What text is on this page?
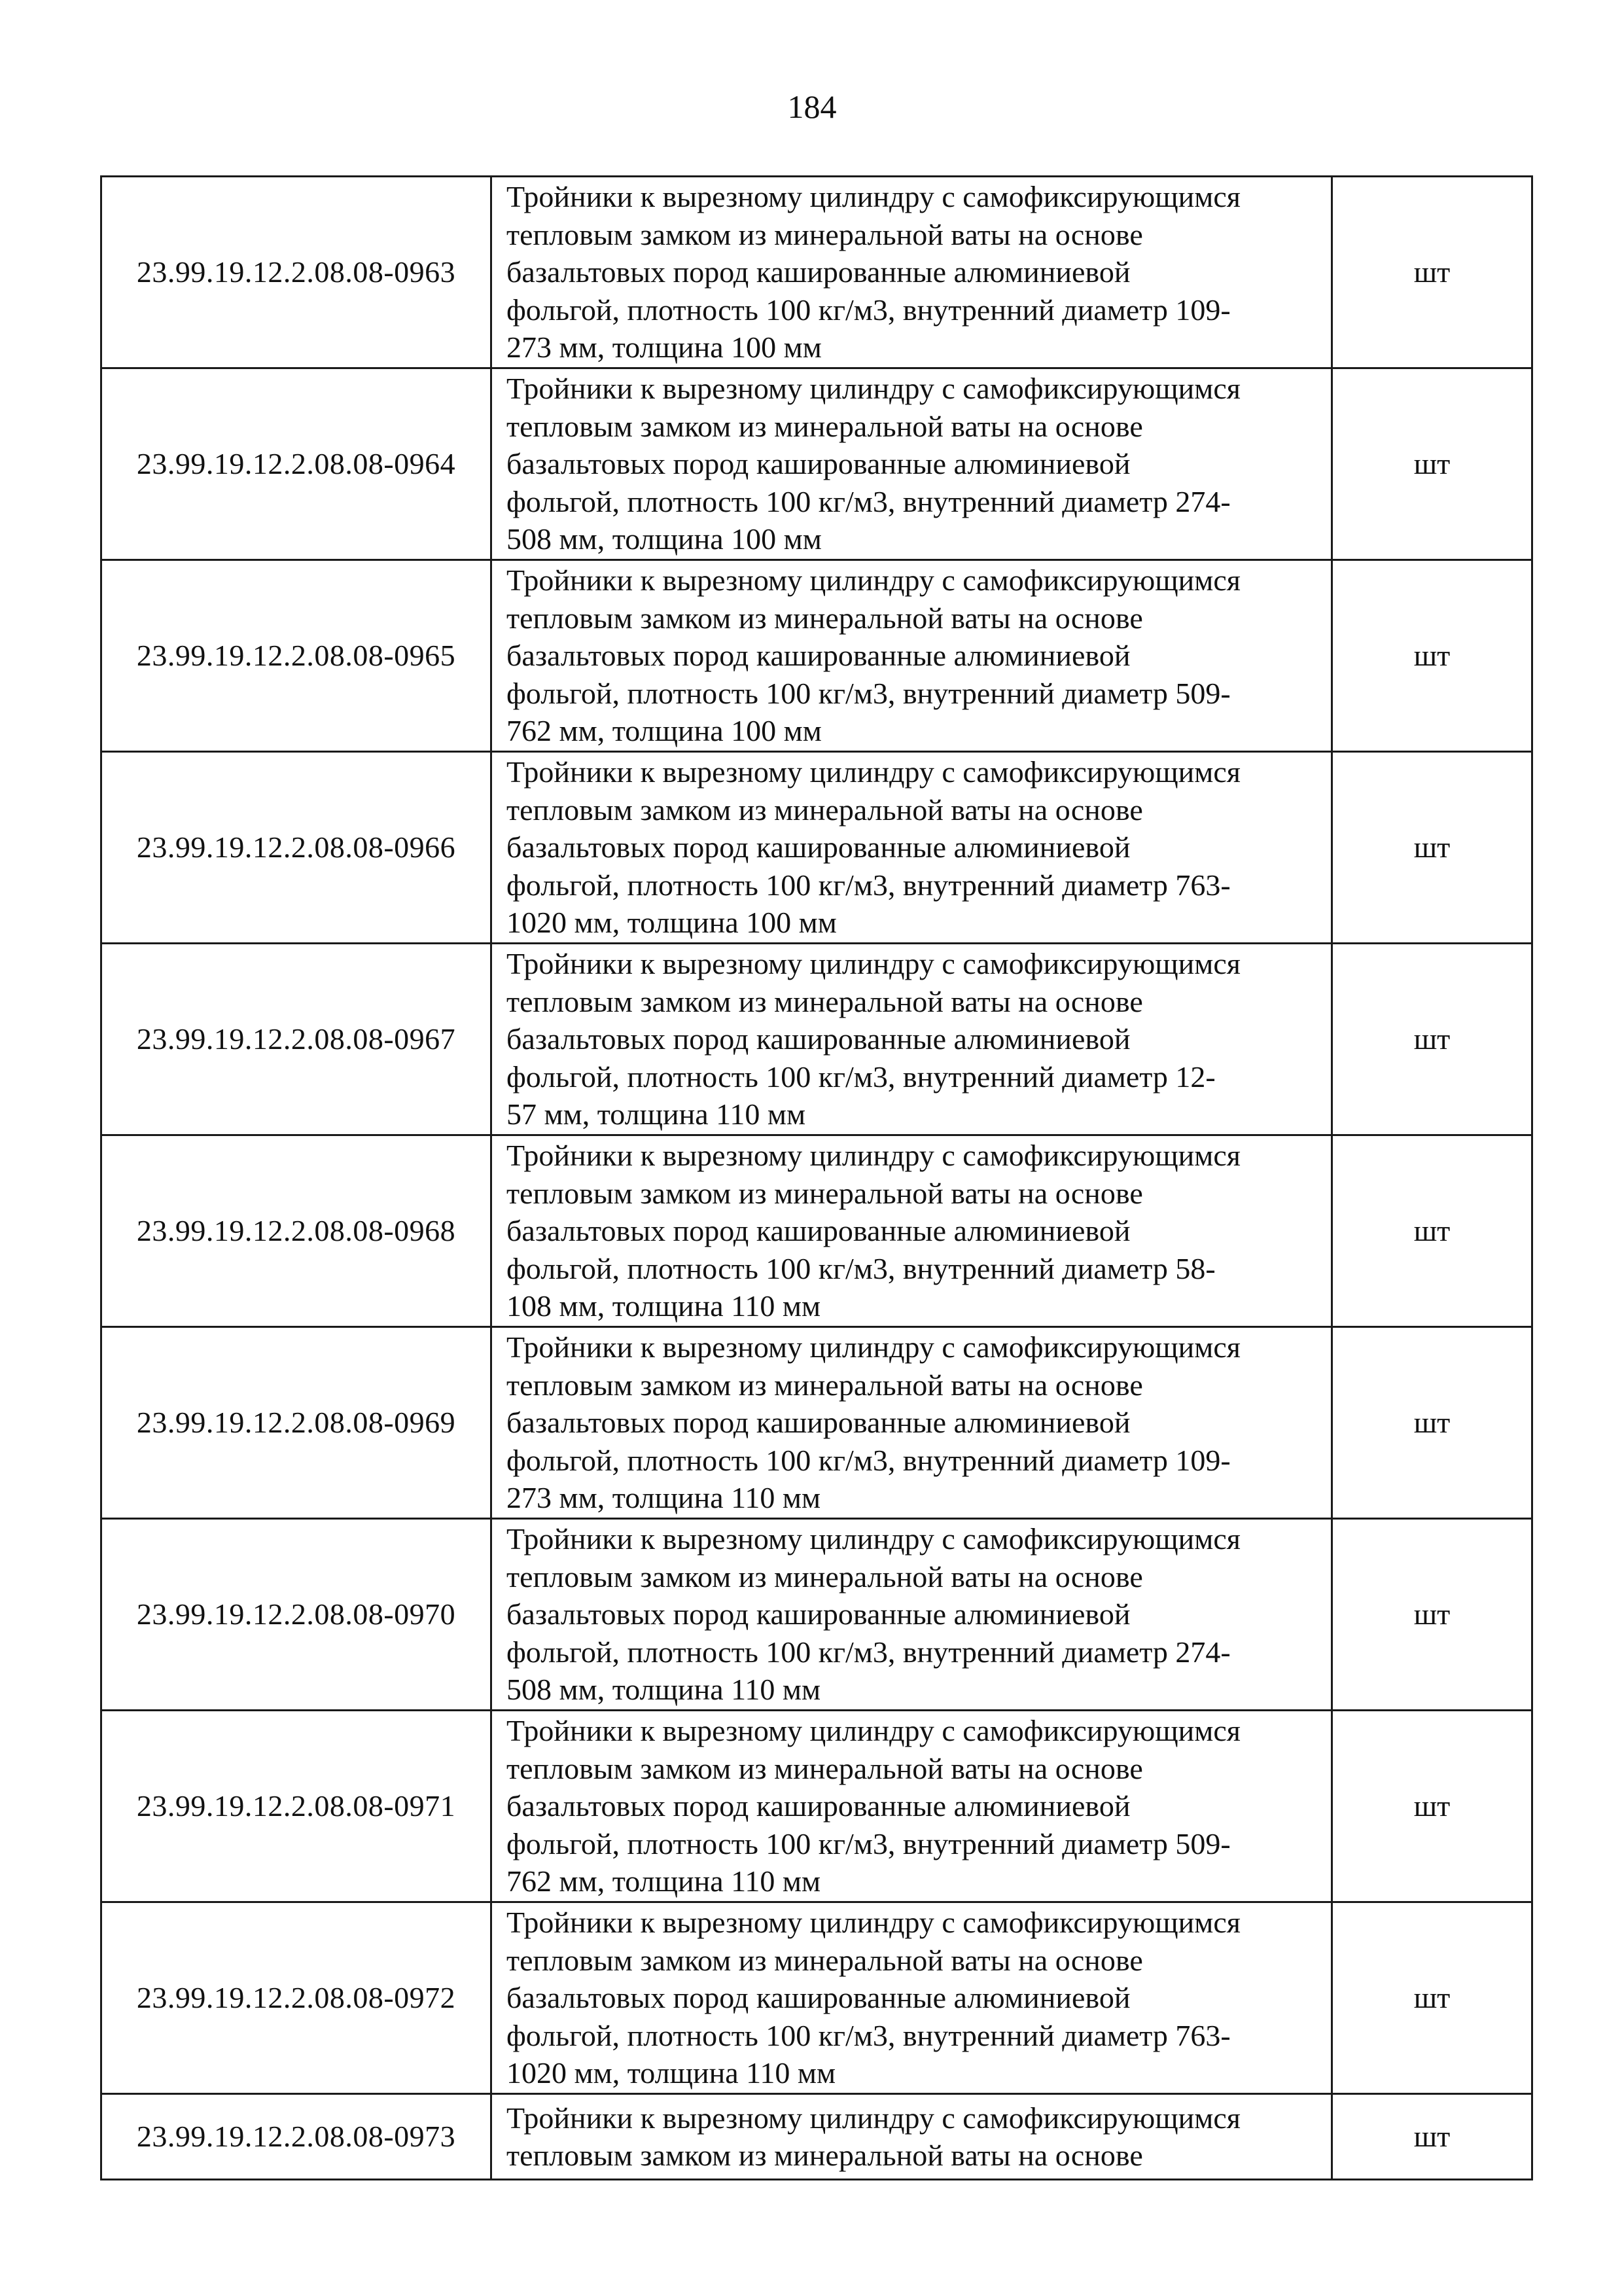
184
23.99.19.12.2.08.08-0963	Тройники к вырезному цилиндру с самофиксирующимся
тепловым замком из минеральной ваты на основе
базальтовых пород кашированные алюминиевой
фольгой, плотность 100 кг/м3, внутренний диаметр 109-
273 мм, толщина 100 мм	шт
23.99.19.12.2.08.08-0964	Тройники к вырезному цилиндру с самофиксирующимся
тепловым замком из минеральной ваты на основе
базальтовых пород кашированные алюминиевой
фольгой, плотность 100 кг/м3, внутренний диаметр 274-
508 мм, толщина 100 мм	шт
23.99.19.12.2.08.08-0965	Тройники к вырезному цилиндру с самофиксирующимся
тепловым замком из минеральной ваты на основе
базальтовых пород кашированные алюминиевой
фольгой, плотность 100 кг/м3, внутренний диаметр 509-
762 мм, толщина 100 мм	шт
23.99.19.12.2.08.08-0966	Тройники к вырезному цилиндру с самофиксирующимся
тепловым замком из минеральной ваты на основе
базальтовых пород кашированные алюминиевой
фольгой, плотность 100 кг/м3, внутренний диаметр 763-
1020 мм, толщина 100 мм	шт
23.99.19.12.2.08.08-0967	Тройники к вырезному цилиндру с самофиксирующимся
тепловым замком из минеральной ваты на основе
базальтовых пород кашированные алюминиевой
фольгой, плотность 100 кг/м3, внутренний диаметр 12-
57 мм, толщина 110 мм	шт
23.99.19.12.2.08.08-0968	Тройники к вырезному цилиндру с самофиксирующимся
тепловым замком из минеральной ваты на основе
базальтовых пород кашированные алюминиевой
фольгой, плотность 100 кг/м3, внутренний диаметр 58-
108 мм, толщина 110 мм	шт
23.99.19.12.2.08.08-0969	Тройники к вырезному цилиндру с самофиксирующимся
тепловым замком из минеральной ваты на основе
базальтовых пород кашированные алюминиевой
фольгой, плотность 100 кг/м3, внутренний диаметр 109-
273 мм, толщина 110 мм	шт
23.99.19.12.2.08.08-0970	Тройники к вырезному цилиндру с самофиксирующимся
тепловым замком из минеральной ваты на основе
базальтовых пород кашированные алюминиевой
фольгой, плотность 100 кг/м3, внутренний диаметр 274-
508 мм, толщина 110 мм	шт
23.99.19.12.2.08.08-0971	Тройники к вырезному цилиндру с самофиксирующимся
тепловым замком из минеральной ваты на основе
базальтовых пород кашированные алюминиевой
фольгой, плотность 100 кг/м3, внутренний диаметр 509-
762 мм, толщина 110 мм	шт
23.99.19.12.2.08.08-0972	Тройники к вырезному цилиндру с самофиксирующимся
тепловым замком из минеральной ваты на основе
базальтовых пород кашированные алюминиевой
фольгой, плотность 100 кг/м3, внутренний диаметр 763-
1020 мм, толщина 110 мм	шт
23.99.19.12.2.08.08-0973	Тройники к вырезному цилиндру с самофиксирующимся
тепловым замком из минеральной ваты на основе	шт
